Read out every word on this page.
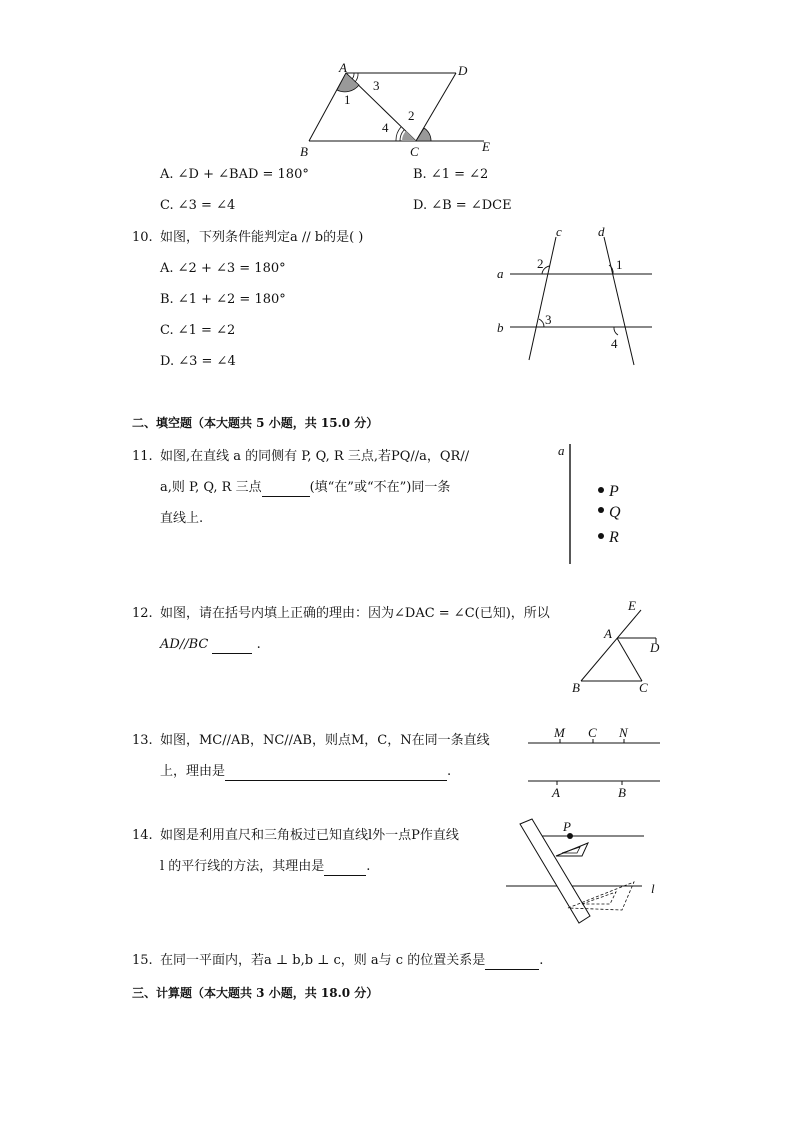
A	D
B	C	E
1
3
2
4
A. ∠D + ∠BAD = 180°	B. ∠1 = ∠2
C. ∠3 = ∠4	D. ∠B = ∠DCE
10. 如图，下列条件能判定a // b的是( )
A. ∠2 + ∠3 = 180°
B. ∠1 + ∠2 = 180°
C. ∠1 = ∠2
D. ∠3 = ∠4
a
b
c	d
2	1
3
4
二、填空题（本大题共 5 小题，共 15.0 分）
11. 如图,在直线 a 的同侧有 P, Q, R 三点,若PQ//a，QR//
a,则 P, Q, R 三点	(填“在”或“不在”)同一条
直线上.
a
P
Q
R
12. 如图，请在括号内填上正确的理由：因为∠DAC = ∠C(已知)，所以
AD//BC	.
E
A
D
B	C
13. 如图，MC//AB，NC//AB，则点M，C，N在同一条直线
上，理由是	.
M C N
A	B
14. 如图是利用直尺和三角板过已知直线l外一点P作直线
l 的平行线的方法，其理由是	.
P
l
15. 在同一平面内，若a ⊥ b,b ⊥ c，则 a与 c 的位置关系是	.
三、计算题（本大题共 3 小题，共 18.0 分）
